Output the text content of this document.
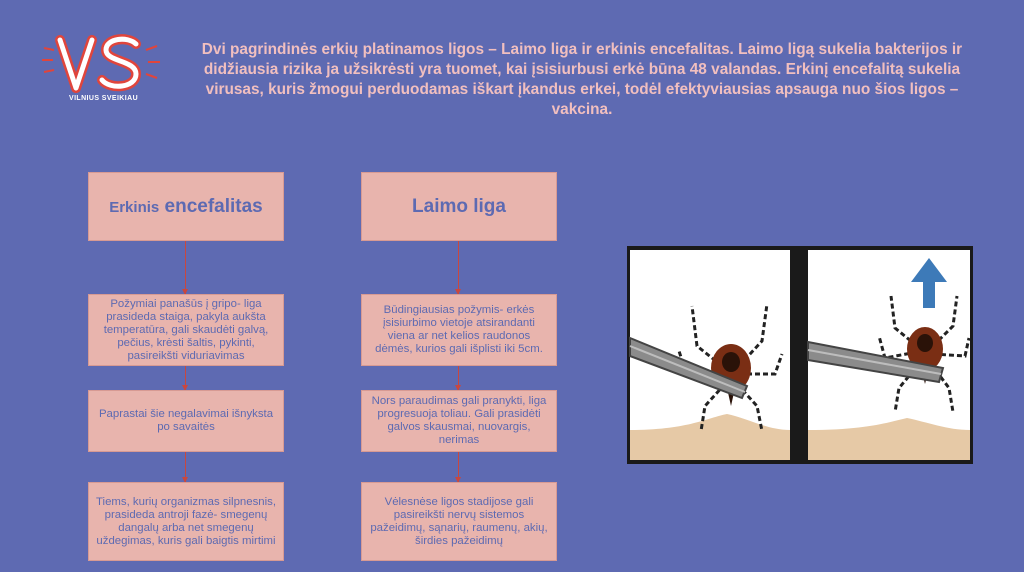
VILNIUS SVEIKIAU

Dvi pagrindinės erkių platinamos ligos – Laimo liga ir erkinis encefalitas. Laimo ligą sukelia bakterijos ir didžiausia rizika ja užsikrėsti yra tuomet, kai įsisiurbusi erkė būna 48 valandas. Erkinį encefalitą sukelia virusas, kuris žmogui perduodamas iškart įkandus erkei, todėl efektyviausias apsauga nuo šios ligos – vakcina.

Erkinis encefalitas
Požymiai panašūs į gripo- liga prasideda staiga, pakyla aukšta temperatūra, gali skaudėti galvą, pečius, krėsti šaltis, pykinti, pasireikšti viduriavimas
Paprastai šie negalavimai išnyksta po savaitės
Tiems, kurių organizmas silpnesnis, prasideda antroji fazė- smegenų dangalų arba net smegenų uždegimas, kuris gali baigtis mirtimi
Laimo liga
Būdingiausias požymis- erkės įsisiurbimo vietoje atsirandanti viena ar net kelios raudonos dėmės, kurios gali išplisti iki 5cm.
Nors paraudimas gali pranykti, liga progresuoja toliau. Gali prasidėti galvos skausmai, nuovargis, nerimas
Vėlesnėse ligos stadijose gali pasireikšti nervų sistemos pažeidimų, sąnarių, raumenų, akių, širdies pažeidimų
